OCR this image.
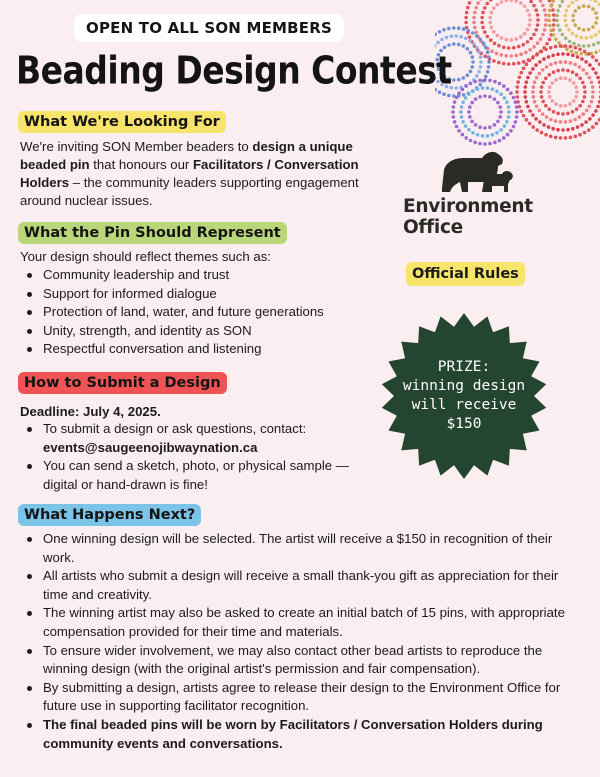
OPEN TO ALL SON MEMBERS
Beading Design Contest
What We're Looking For
We're inviting SON Member beaders to design a unique beaded pin that honours our Facilitators / Conversation Holders – the community leaders supporting engagement around nuclear issues.
What the Pin Should Represent
Your design should reflect themes such as:
Community leadership and trust
Support for informed dialogue
Protection of land, water, and future generations
Unity, strength, and identity as SON
Respectful conversation and listening
How to Submit a Design
Deadline: July 4, 2025.
To submit a design or ask questions, contact:
events@saugeenojibwaynation.ca
You can send a sketch, photo, or physical sample — digital or hand-drawn is fine!
What Happens Next?
One winning design will be selected. The artist will receive a $150 in recognition of their work.
All artists who submit a design will receive a small thank-you gift as appreciation for their time and creativity.
The winning artist may also be asked to create an initial batch of 15 pins, with appropriate compensation provided for their time and materials.
To ensure wider involvement, we may also contact other bead artists to reproduce the winning design (with the original artist's permission and fair compensation).
By submitting a design, artists agree to release their design to the Environment Office for future use in supporting facilitator recognition.
The final beaded pins will be worn by Facilitators / Conversation Holders during community events and conversations.
Environment
Office
Official Rules
PRIZE:
winning design
will receive
$150
